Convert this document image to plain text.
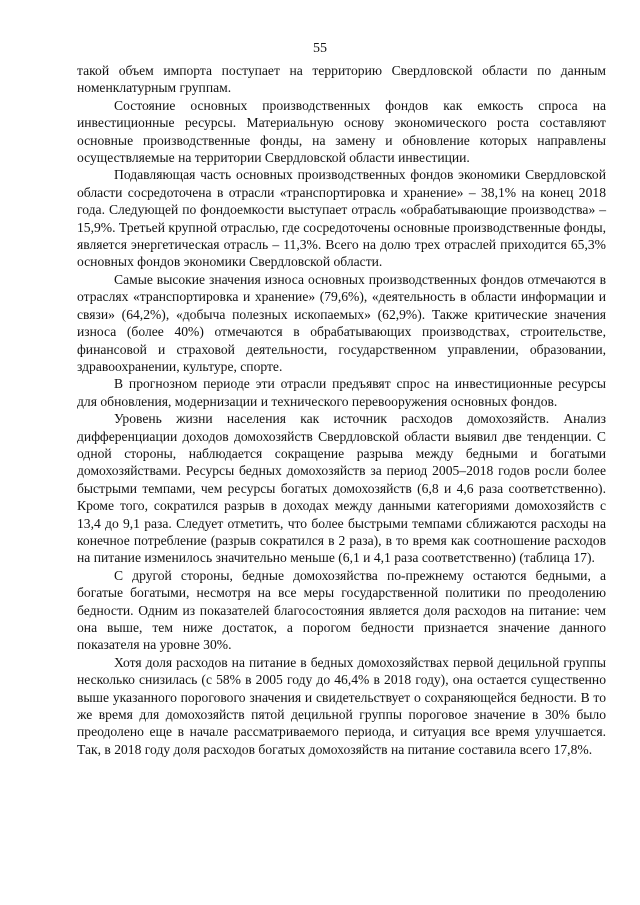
55

такой объем импорта поступает на территорию Свердловской области по данным номенклатурным группам.

Состояние основных производственных фондов как емкость спроса на инвестиционные ресурсы. Материальную основу экономического роста составляют основные производственные фонды, на замену и обновление которых направлены осуществляемые на территории Свердловской области инвестиции.

Подавляющая часть основных производственных фондов экономики Свердловской области сосредоточена в отрасли «транспортировка и хранение» – 38,1% на конец 2018 года. Следующей по фондоемкости выступает отрасль «обрабатывающие производства» – 15,9%. Третьей крупной отраслью, где сосредоточены основные производственные фонды, является энергетическая отрасль – 11,3%. Всего на долю трех отраслей приходится 65,3% основных фондов экономики Свердловской области.

Самые высокие значения износа основных производственных фондов отмечаются в отраслях «транспортировка и хранение» (79,6%), «деятельность в области информации и связи» (64,2%), «добыча полезных ископаемых» (62,9%). Также критические значения износа (более 40%) отмечаются в обрабатывающих производствах, строительстве, финансовой и страховой деятельности, государственном управлении, образовании, здравоохранении, культуре, спорте.

В прогнозном периоде эти отрасли предъявят спрос на инвестиционные ресурсы для обновления, модернизации и технического перевооружения основных фондов.

Уровень жизни населения как источник расходов домохозяйств. Анализ дифференциации доходов домохозяйств Свердловской области выявил две тенденции. С одной стороны, наблюдается сокращение разрыва между бедными и богатыми домохозяйствами. Ресурсы бедных домохозяйств за период 2005–2018 годов росли более быстрыми темпами, чем ресурсы богатых домохозяйств (6,8 и 4,6 раза соответственно). Кроме того, сократился разрыв в доходах между данными категориями домохозяйств с 13,4 до 9,1 раза. Следует отметить, что более быстрыми темпами сближаются расходы на конечное потребление (разрыв сократился в 2 раза), в то время как соотношение расходов на питание изменилось значительно меньше (6,1 и 4,1 раза соответственно) (таблица 17).

С другой стороны, бедные домохозяйства по-прежнему остаются бедными, а богатые богатыми, несмотря на все меры государственной политики по преодолению бедности. Одним из показателей благосостояния является доля расходов на питание: чем она выше, тем ниже достаток, а порогом бедности признается значение данного показателя на уровне 30%.

Хотя доля расходов на питание в бедных домохозяйствах первой децильной группы несколько снизилась (с 58% в 2005 году до 46,4% в 2018 году), она остается существенно выше указанного порогового значения и свидетельствует о сохраняющейся бедности. В то же время для домохозяйств пятой децильной группы пороговое значение в 30% было преодолено еще в начале рассматриваемого периода, и ситуация все время улучшается. Так, в 2018 году доля расходов богатых домохозяйств на питание составила всего 17,8%.
